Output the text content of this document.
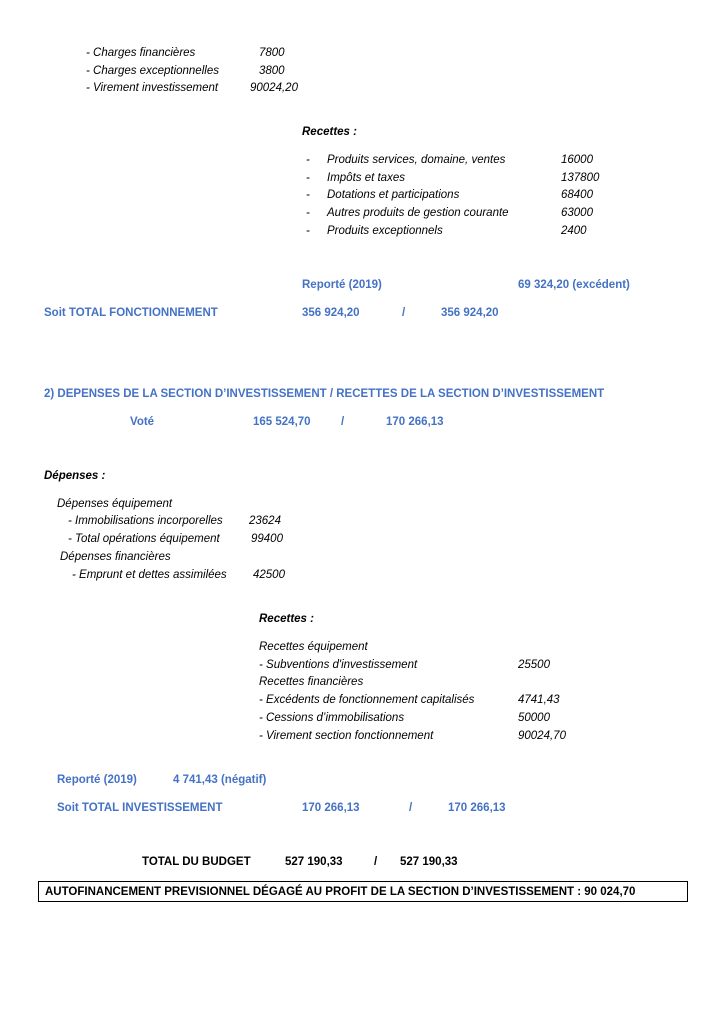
- Charges financières	7800
- Charges exceptionnelles	3800
- Virement investissement	90024,20
Recettes :
- Produits services, domaine, ventes	16000
- Impôts et taxes	137800
- Dotations et participations	68400
- Autres produits de gestion courante	63000
- Produits exceptionnels	2400
Reporté (2019)	69 324,20 (excédent)
Soit TOTAL FONCTIONNEMENT	356 924,20	/	356 924,20
2) DEPENSES DE LA SECTION D’INVESTISSEMENT / RECETTES DE LA SECTION D’INVESTISSEMENT
Voté	165 524,70	/	170 266,13
Dépenses :
Dépenses équipement
- Immobilisations incorporelles 23624
- Total opérations équipement	99400
Dépenses financières
- Emprunt et dettes assimilées 42500
Recettes :
Recettes équipement
- Subventions d'investissement	25500
Recettes financières
- Excédents de fonctionnement capitalisés	4741,43
- Cessions d’immobilisations	50000
- Virement section fonctionnement	90024,70
Reporté (2019)	4 741,43 (négatif)
Soit TOTAL INVESTISSEMENT	170 266,13	/	170 266,13
TOTAL DU BUDGET	527 190,33	/ 527 190,33
AUTOFINANCEMENT PREVISIONNEL DÉGAGÉ AU PROFIT DE LA SECTION D’INVESTISSEMENT : 90 024,70
